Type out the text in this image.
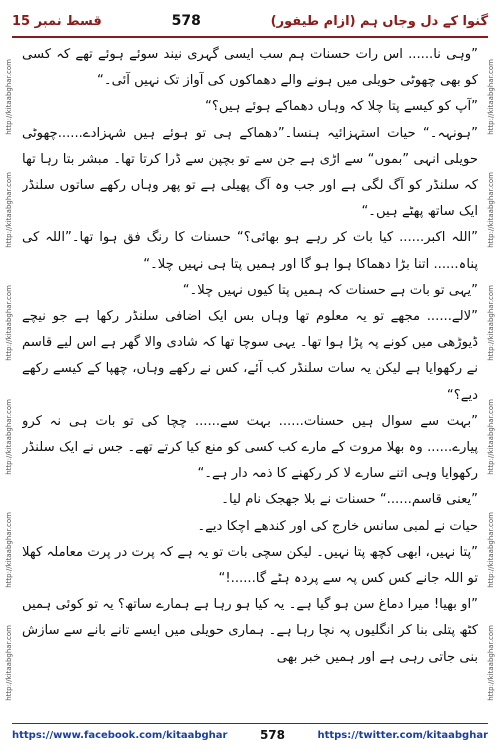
قسط نمبر 15	578	گنوا کے دل وجاں ہم (ازام طیفور)
http://kitaabghar.com
http://kitaabghar.com
http://kitaabghar.com
http://kitaabghar.com
http://kitaabghar.com
http://kitaabghar.com
http://kitaabghar.com
http://kitaabghar.com
http://kitaabghar.com
http://kitaabghar.com
http://kitaabghar.com
http://kitaabghar.com

”وہی نا...... اس رات حسنات ہم سب ایسی گہری نیند سوئے ہوئے تھے کہ کسی کو بھی چھوٹی حویلی میں ہونے والے دھماکوں کی آواز تک نہیں آئی۔“

”آپ کو کیسے پتا چلا کہ وہاں دھماکے ہوئے ہیں؟“

”ہونہہ۔“ حیات استہزائیہ ہنسا۔”دھماکے ہی تو ہوئے ہیں شہزادے......چھوٹی حویلی انہی ”بموں“ سے اڑی ہے جن سے تو بچپن سے ڈرا کرتا تھا۔ مبشر بتا رہا تھا کہ سلنڈر کو آگ لگی ہے اور جب وہ آگ پھیلی ہے تو پھر وہاں رکھے ساتوں سلنڈر ایک ساتھ پھٹے ہیں۔“

”اللہ اکبر...... کیا بات کر رہے ہو بھائی؟“ حسنات کا رنگ فق ہوا تھا۔”اللہ کی پناہ...... اتنا بڑا دھماکا ہوا ہو گا اور ہمیں پتا ہی نہیں چلا۔“

”یہی تو بات ہے حسنات کہ ہمیں پتا کیوں نہیں چلا۔“

”لالے...... مجھے تو یہ معلوم تھا وہاں بس ایک اضافی سلنڈر رکھا ہے جو نیچے ڈیوڑھی میں کونے پہ پڑا ہوا تھا۔ یہی سوچا تھا کہ شادی والا گھر ہے اس لیے قاسم نے رکھوایا ہے لیکن یہ سات سلنڈر کب آئے، کس نے رکھے وہاں، چھپا کے کیسے رکھے دیے؟“

”بہت سے سوال ہیں حسنات...... بہت سے...... چچا کی تو بات ہی نہ کرو پیارے...... وہ بھلا مروت کے مارے کب کسی کو منع کیا کرتے تھے۔ جس نے ایک سلنڈر رکھوایا وہی اتنے سارے لا کر رکھنے کا ذمہ دار ہے۔“

”یعنی قاسم......“ حسنات نے بلا جھجک نام لیا۔

حیات نے لمبی سانس خارج کی اور کندھے اچکا دیے۔

”پتا نہیں، ابھی کچھ پتا نہیں۔ لیکن سچی بات تو یہ ہے کہ پرت در پرت معاملہ کھلا تو اللہ جانے کس کس پہ سے پردہ ہٹے گا......!“

”او بھیا! میرا دماغ سن ہو گیا ہے۔ یہ کیا ہو رہا ہے ہمارے ساتھ؟ یہ تو کوئی ہمیں کٹھ پتلی بنا کر انگلیوں پہ نچا رہا ہے۔ ہماری حویلی میں ایسے تانے بانے سے سازش بنی جاتی رہی ہے اور ہمیں خبر بھی

https://www.facebook.com/kitaabghar	578	https://twitter.com/kitaabghar
